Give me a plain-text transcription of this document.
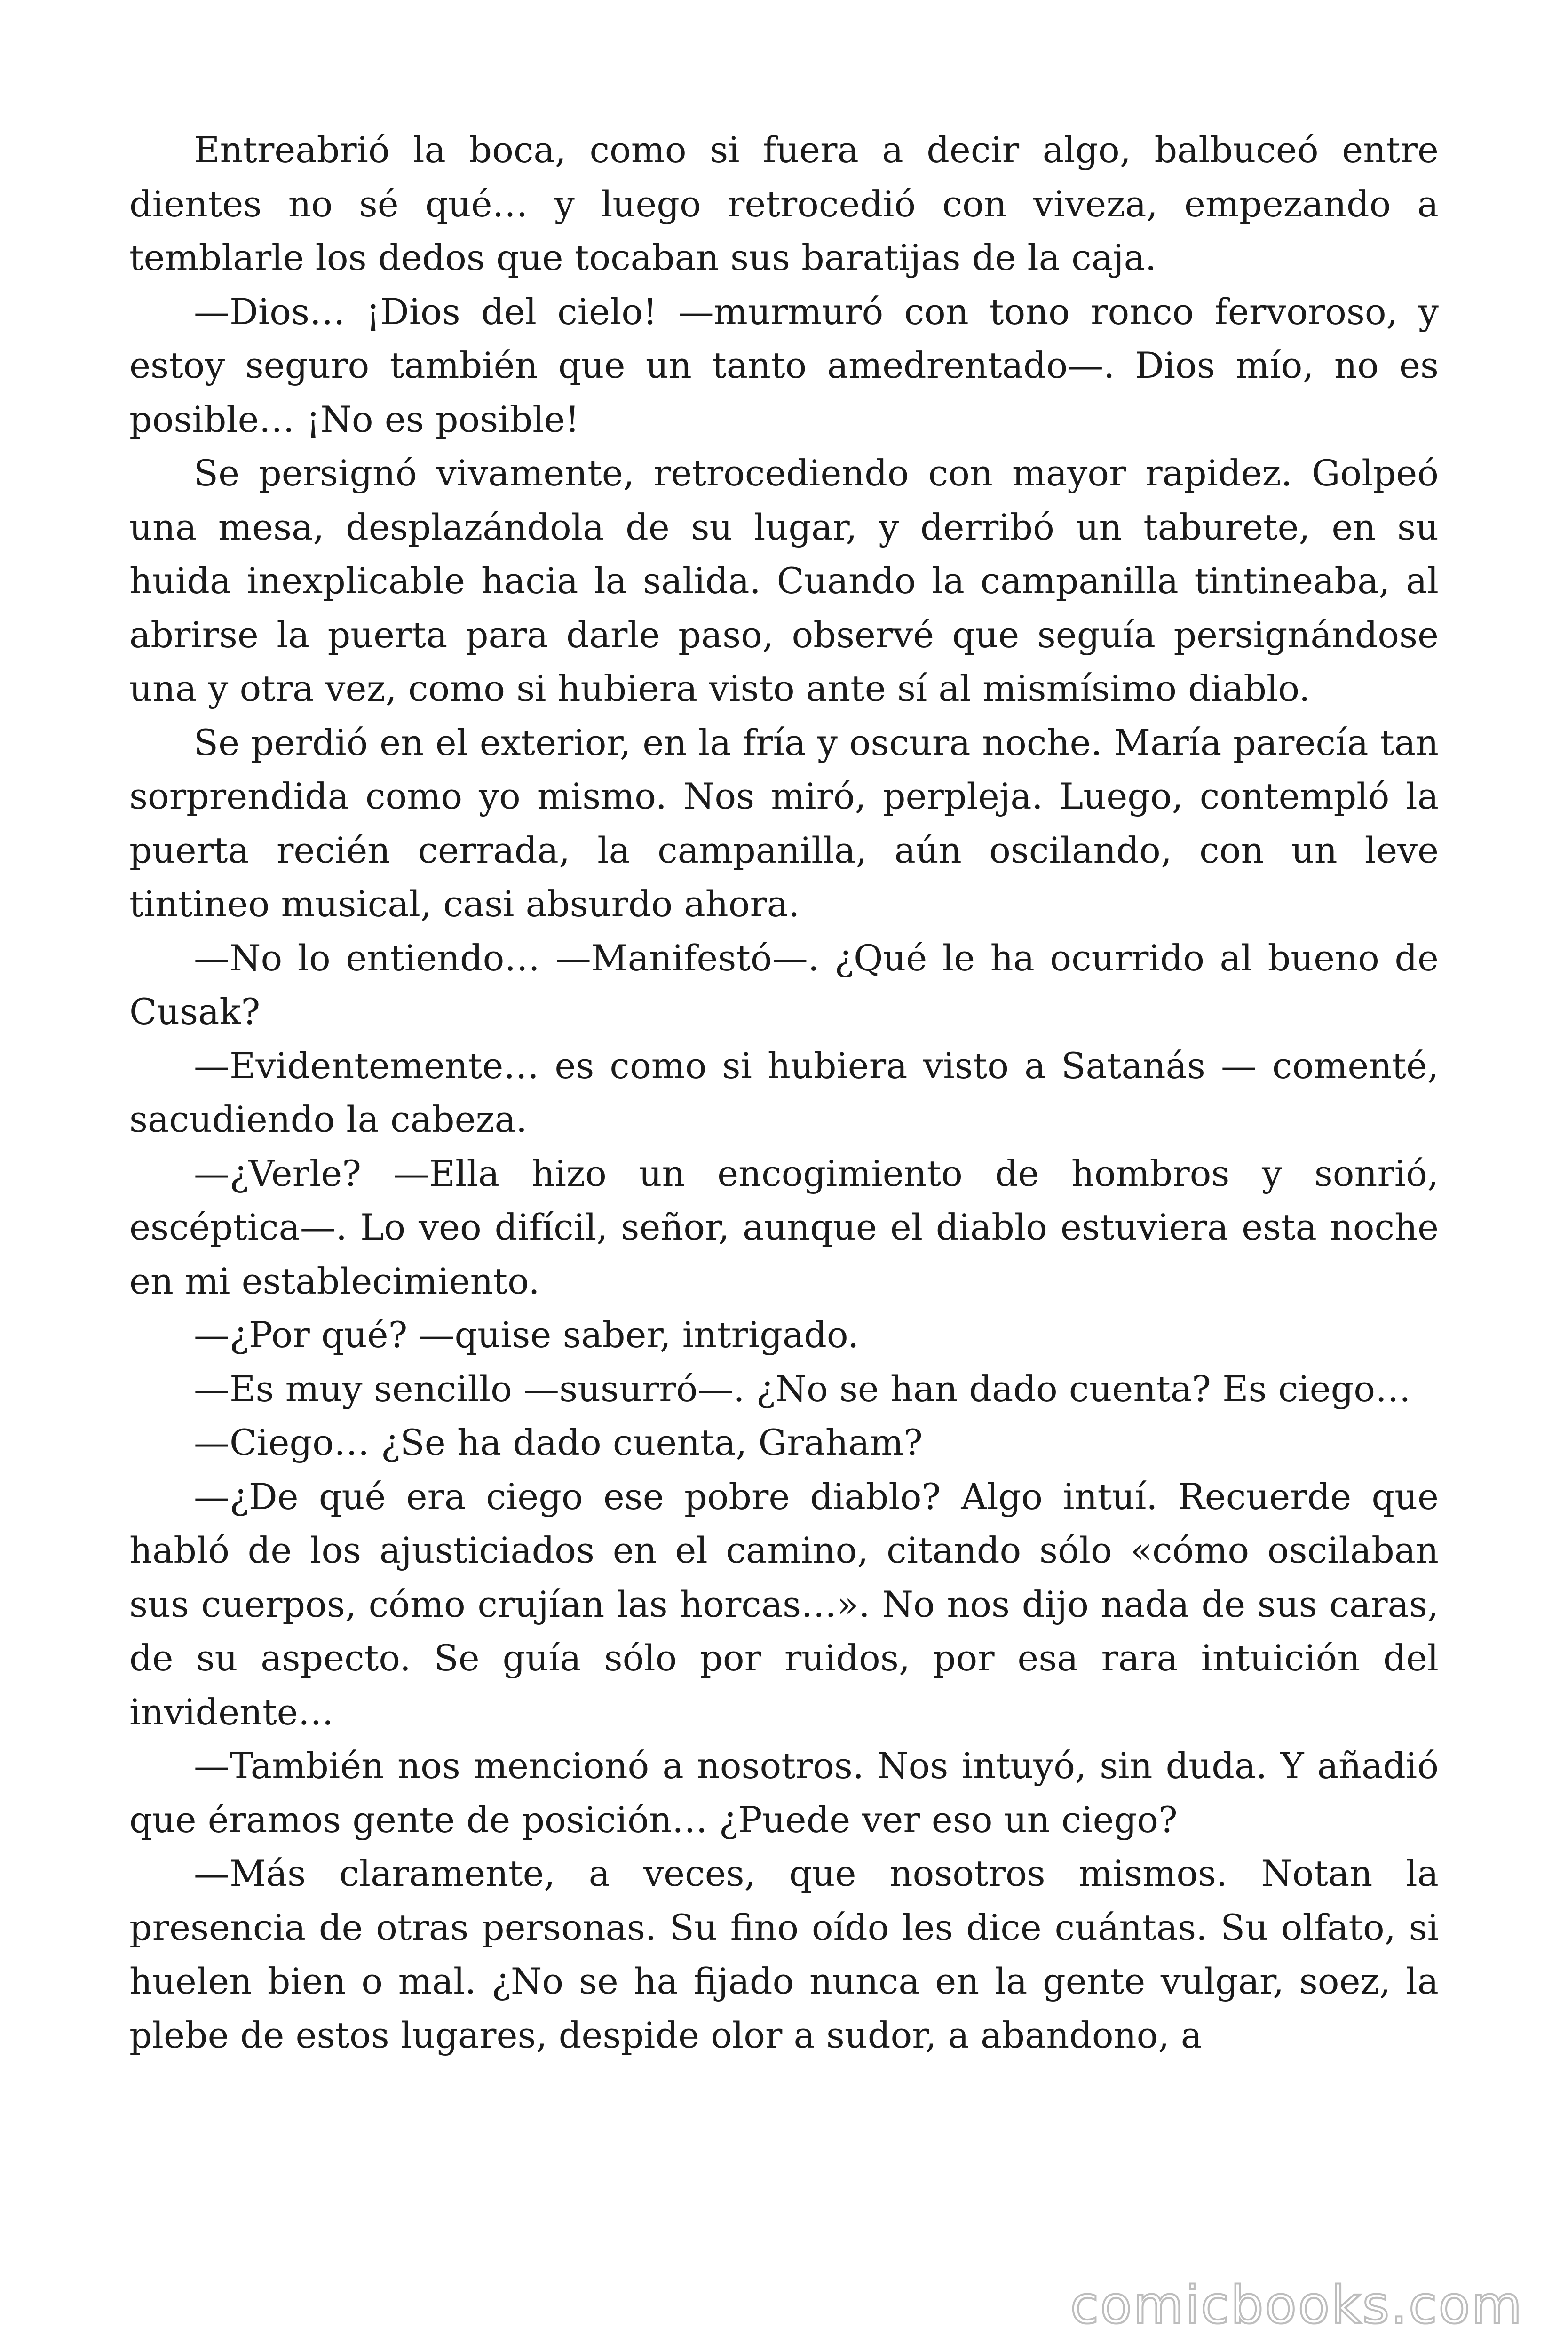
Entreabrió la boca, como si fuera a decir algo, balbuceó entre dientes no sé qué… y luego retrocedió con viveza, empezando a temblarle los dedos que tocaban sus baratijas de la caja.

—Dios… ¡Dios del cielo! —murmuró con tono ronco fervoroso, y estoy seguro también que un tanto amedrentado—. Dios mío, no es posible… ¡No es posible!

Se persignó vivamente, retrocediendo con mayor rapidez. Golpeó una mesa, desplazándola de su lugar, y derribó un taburete, en su huida inexplicable hacia la salida. Cuando la campanilla tintineaba, al abrirse la puerta para darle paso, observé que seguía persignándose una y otra vez, como si hubiera visto ante sí al mismísimo diablo.

Se perdió en el exterior, en la fría y oscura noche. María parecía tan sorprendida como yo mismo. Nos miró, perpleja. Luego, contempló la puerta recién cerrada, la campanilla, aún oscilando, con un leve tintineo musical, casi absurdo ahora.

—No lo entiendo… —Manifestó—. ¿Qué le ha ocurrido al bueno de Cusak?

—Evidentemente… es como si hubiera visto a Satanás — comenté, sacudiendo la cabeza.

—¿Verle? —Ella hizo un encogimiento de hombros y sonrió, escéptica—. Lo veo difícil, señor, aunque el diablo estuviera esta noche en mi establecimiento.

—¿Por qué? —quise saber, intrigado.

—Es muy sencillo —susurró—. ¿No se han dado cuenta? Es ciego…

—Ciego… ¿Se ha dado cuenta, Graham?

—¿De qué era ciego ese pobre diablo? Algo intuí. Recuerde que habló de los ajusticiados en el camino, citando sólo «cómo oscilaban sus cuerpos, cómo crujían las horcas…». No nos dijo nada de sus caras, de su aspecto. Se guía sólo por ruidos, por esa rara intuición del invidente…

—También nos mencionó a nosotros. Nos intuyó, sin duda. Y añadió que éramos gente de posición… ¿Puede ver eso un ciego?

—Más claramente, a veces, que nosotros mismos. Notan la presencia de otras personas. Su fino oído les dice cuántas. Su olfato, si huelen bien o mal. ¿No se ha fijado nunca en la gente vulgar, soez, la plebe de estos lugares, despide olor a sudor, a abandono, a

comicbooks.com
